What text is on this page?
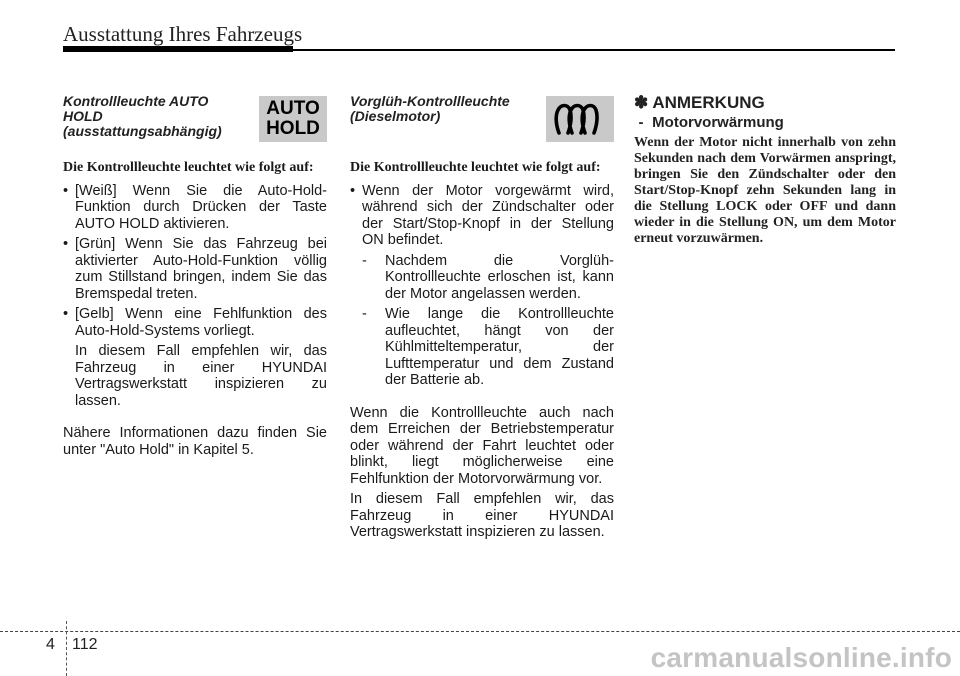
Ausstattung Ihres Fahrzeugs
Kontrollleuchte AUTO
HOLD
(ausstattungsabhängig)
AUTO
HOLD
Die Kontrollleuchte leuchtet wie folgt auf:
• [Weiß] Wenn Sie die Auto-Hold-Funktion durch Drücken der Taste AUTO HOLD aktivieren.
• [Grün] Wenn Sie das Fahrzeug bei aktivierter Auto-Hold-Funktion völlig zum Stillstand bringen, indem Sie das Bremspedal treten.
• [Gelb] Wenn eine Fehlfunktion des Auto-Hold-Systems vorliegt.
In diesem Fall empfehlen wir, das Fahrzeug in einer HYUNDAI Vertragswerkstatt inspizieren zu lassen.
Nähere Informationen dazu finden Sie unter "Auto Hold" in Kapitel 5.
Vorglüh-Kontrollleuchte
(Dieselmotor)
Die Kontrollleuchte leuchtet wie folgt auf:
• Wenn der Motor vorgewärmt wird, während sich der Zündschalter oder der Start/Stop-Knopf in der Stellung ON befindet.
- Nachdem die Vorglüh-Kontrollleuchte erloschen ist, kann der Motor angelassen werden.
- Wie lange die Kontrollleuchte aufleuchtet, hängt von der Kühlmitteltemperatur, der Lufttemperatur und dem Zustand der Batterie ab.
Wenn die Kontrollleuchte auch nach dem Erreichen der Betriebstemperatur oder während der Fahrt leuchtet oder blinkt, liegt möglicherweise eine Fehlfunktion der Motorvorwärmung vor.
In diesem Fall empfehlen wir, das Fahrzeug in einer HYUNDAI Vertragswerkstatt inspizieren zu lassen.
✽ ANMERKUNG
- Motorvorwärmung
Wenn der Motor nicht innerhalb von zehn Sekunden nach dem Vorwärmen anspringt, bringen Sie den Zündschalter oder den Start/Stop-Knopf zehn Sekunden lang in die Stellung LOCK oder OFF und dann wieder in die Stellung ON, um dem Motor erneut vorzuwärmen.
4 112	carmanualsonline.info
